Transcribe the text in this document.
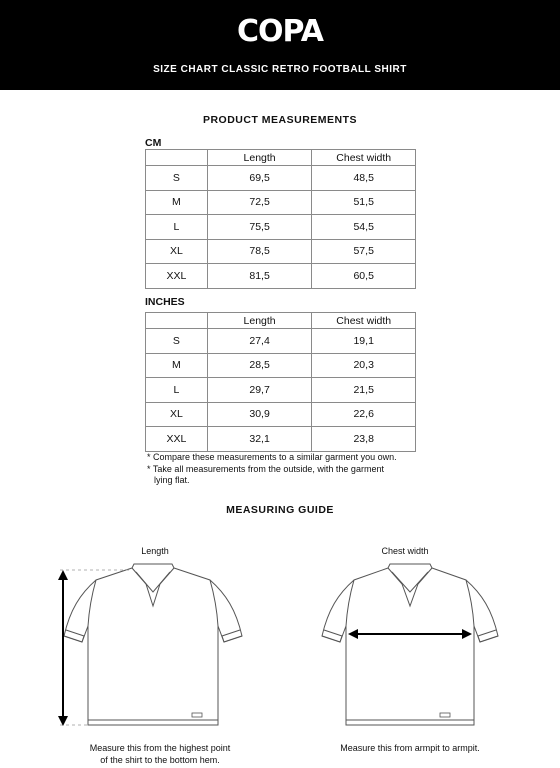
COPA
SIZE CHART CLASSIC RETRO FOOTBALL SHIRT
PRODUCT MEASUREMENTS
CM
	Length	Chest width
S	69,5	48,5
M	72,5	51,5
L	75,5	54,5
XL	78,5	57,5
XXL	81,5	60,5
INCHES
	Length	Chest width
S	27,4	19,1
M	28,5	20,3
L	29,7	21,5
XL	30,9	22,6
XXL	32,1	23,8
* Compare these measurements to a similar garment you own.
* Take all measurements from the outside, with the garment
lying flat.
MEASURING GUIDE
Length
Measure this from the highest point
of the shirt to the bottom hem.
Chest width
Measure this from armpit to armpit.
